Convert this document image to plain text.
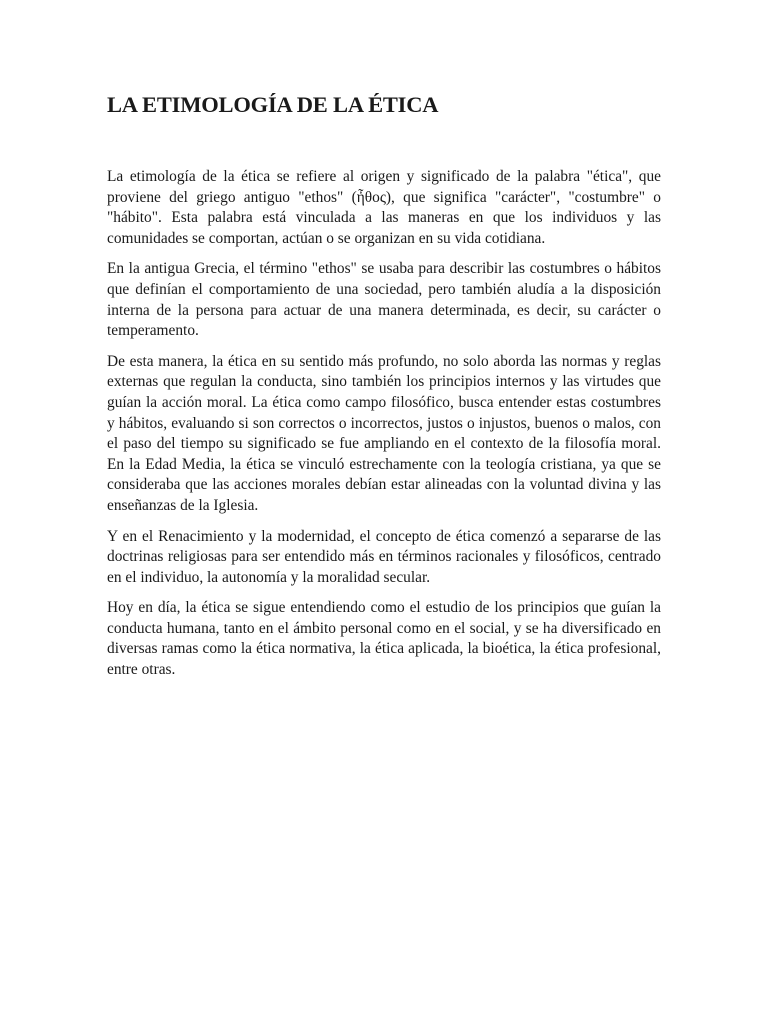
LA ETIMOLOGÍA DE LA ÉTICA

La etimología de la ética se refiere al origen y significado de la palabra "ética", que proviene del griego antiguo "ethos" (ἦθος), que significa "carácter", "costumbre" o "hábito". Esta palabra está vinculada a las maneras en que los individuos y las comunidades se comportan, actúan o se organizan en su vida cotidiana.

En la antigua Grecia, el término "ethos" se usaba para describir las costumbres o hábitos que definían el comportamiento de una sociedad, pero también aludía a la disposición interna de la persona para actuar de una manera determinada, es decir, su carácter o temperamento.

De esta manera, la ética en su sentido más profundo, no solo aborda las normas y reglas externas que regulan la conducta, sino también los principios internos y las virtudes que guían la acción moral. La ética como campo filosófico, busca entender estas costumbres y hábitos, evaluando si son correctos o incorrectos, justos o injustos, buenos o malos, con el paso del tiempo su significado se fue ampliando en el contexto de la filosofía moral. En la Edad Media, la ética se vinculó estrechamente con la teología cristiana, ya que se consideraba que las acciones morales debían estar alineadas con la voluntad divina y las enseñanzas de la Iglesia.

Y en el Renacimiento y la modernidad, el concepto de ética comenzó a separarse de las doctrinas religiosas para ser entendido más en términos racionales y filosóficos, centrado en el individuo, la autonomía y la moralidad secular.

Hoy en día, la ética se sigue entendiendo como el estudio de los principios que guían la conducta humana, tanto en el ámbito personal como en el social, y se ha diversificado en diversas ramas como la ética normativa, la ética aplicada, la bioética, la ética profesional, entre otras.
